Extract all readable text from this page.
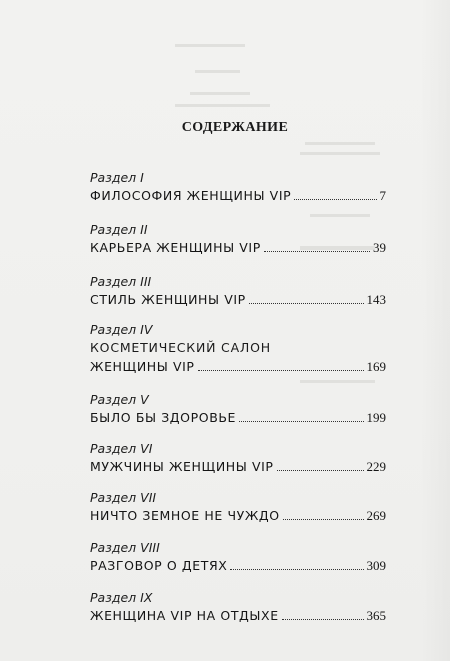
СОДЕРЖАНИЕ
Раздел I
ФИЛОСОФИЯ ЖЕНЩИНЫ VIP	7
Раздел II
КАРЬЕРА ЖЕНЩИНЫ VIP	39
Раздел III
СТИЛЬ ЖЕНЩИНЫ VIP	143
Раздел IV
КОСМЕТИЧЕСКИЙ САЛОН
ЖЕНЩИНЫ VIP	169
Раздел V
БЫЛО БЫ ЗДОРОВЬЕ	199
Раздел VI
МУЖЧИНЫ ЖЕНЩИНЫ VIP	229
Раздел VII
НИЧТО ЗЕМНОЕ НЕ ЧУЖДО	269
Раздел VIII
РАЗГОВОР О ДЕТЯХ	309
Раздел IX
ЖЕНЩИНА VIP НА ОТДЫХЕ	365
